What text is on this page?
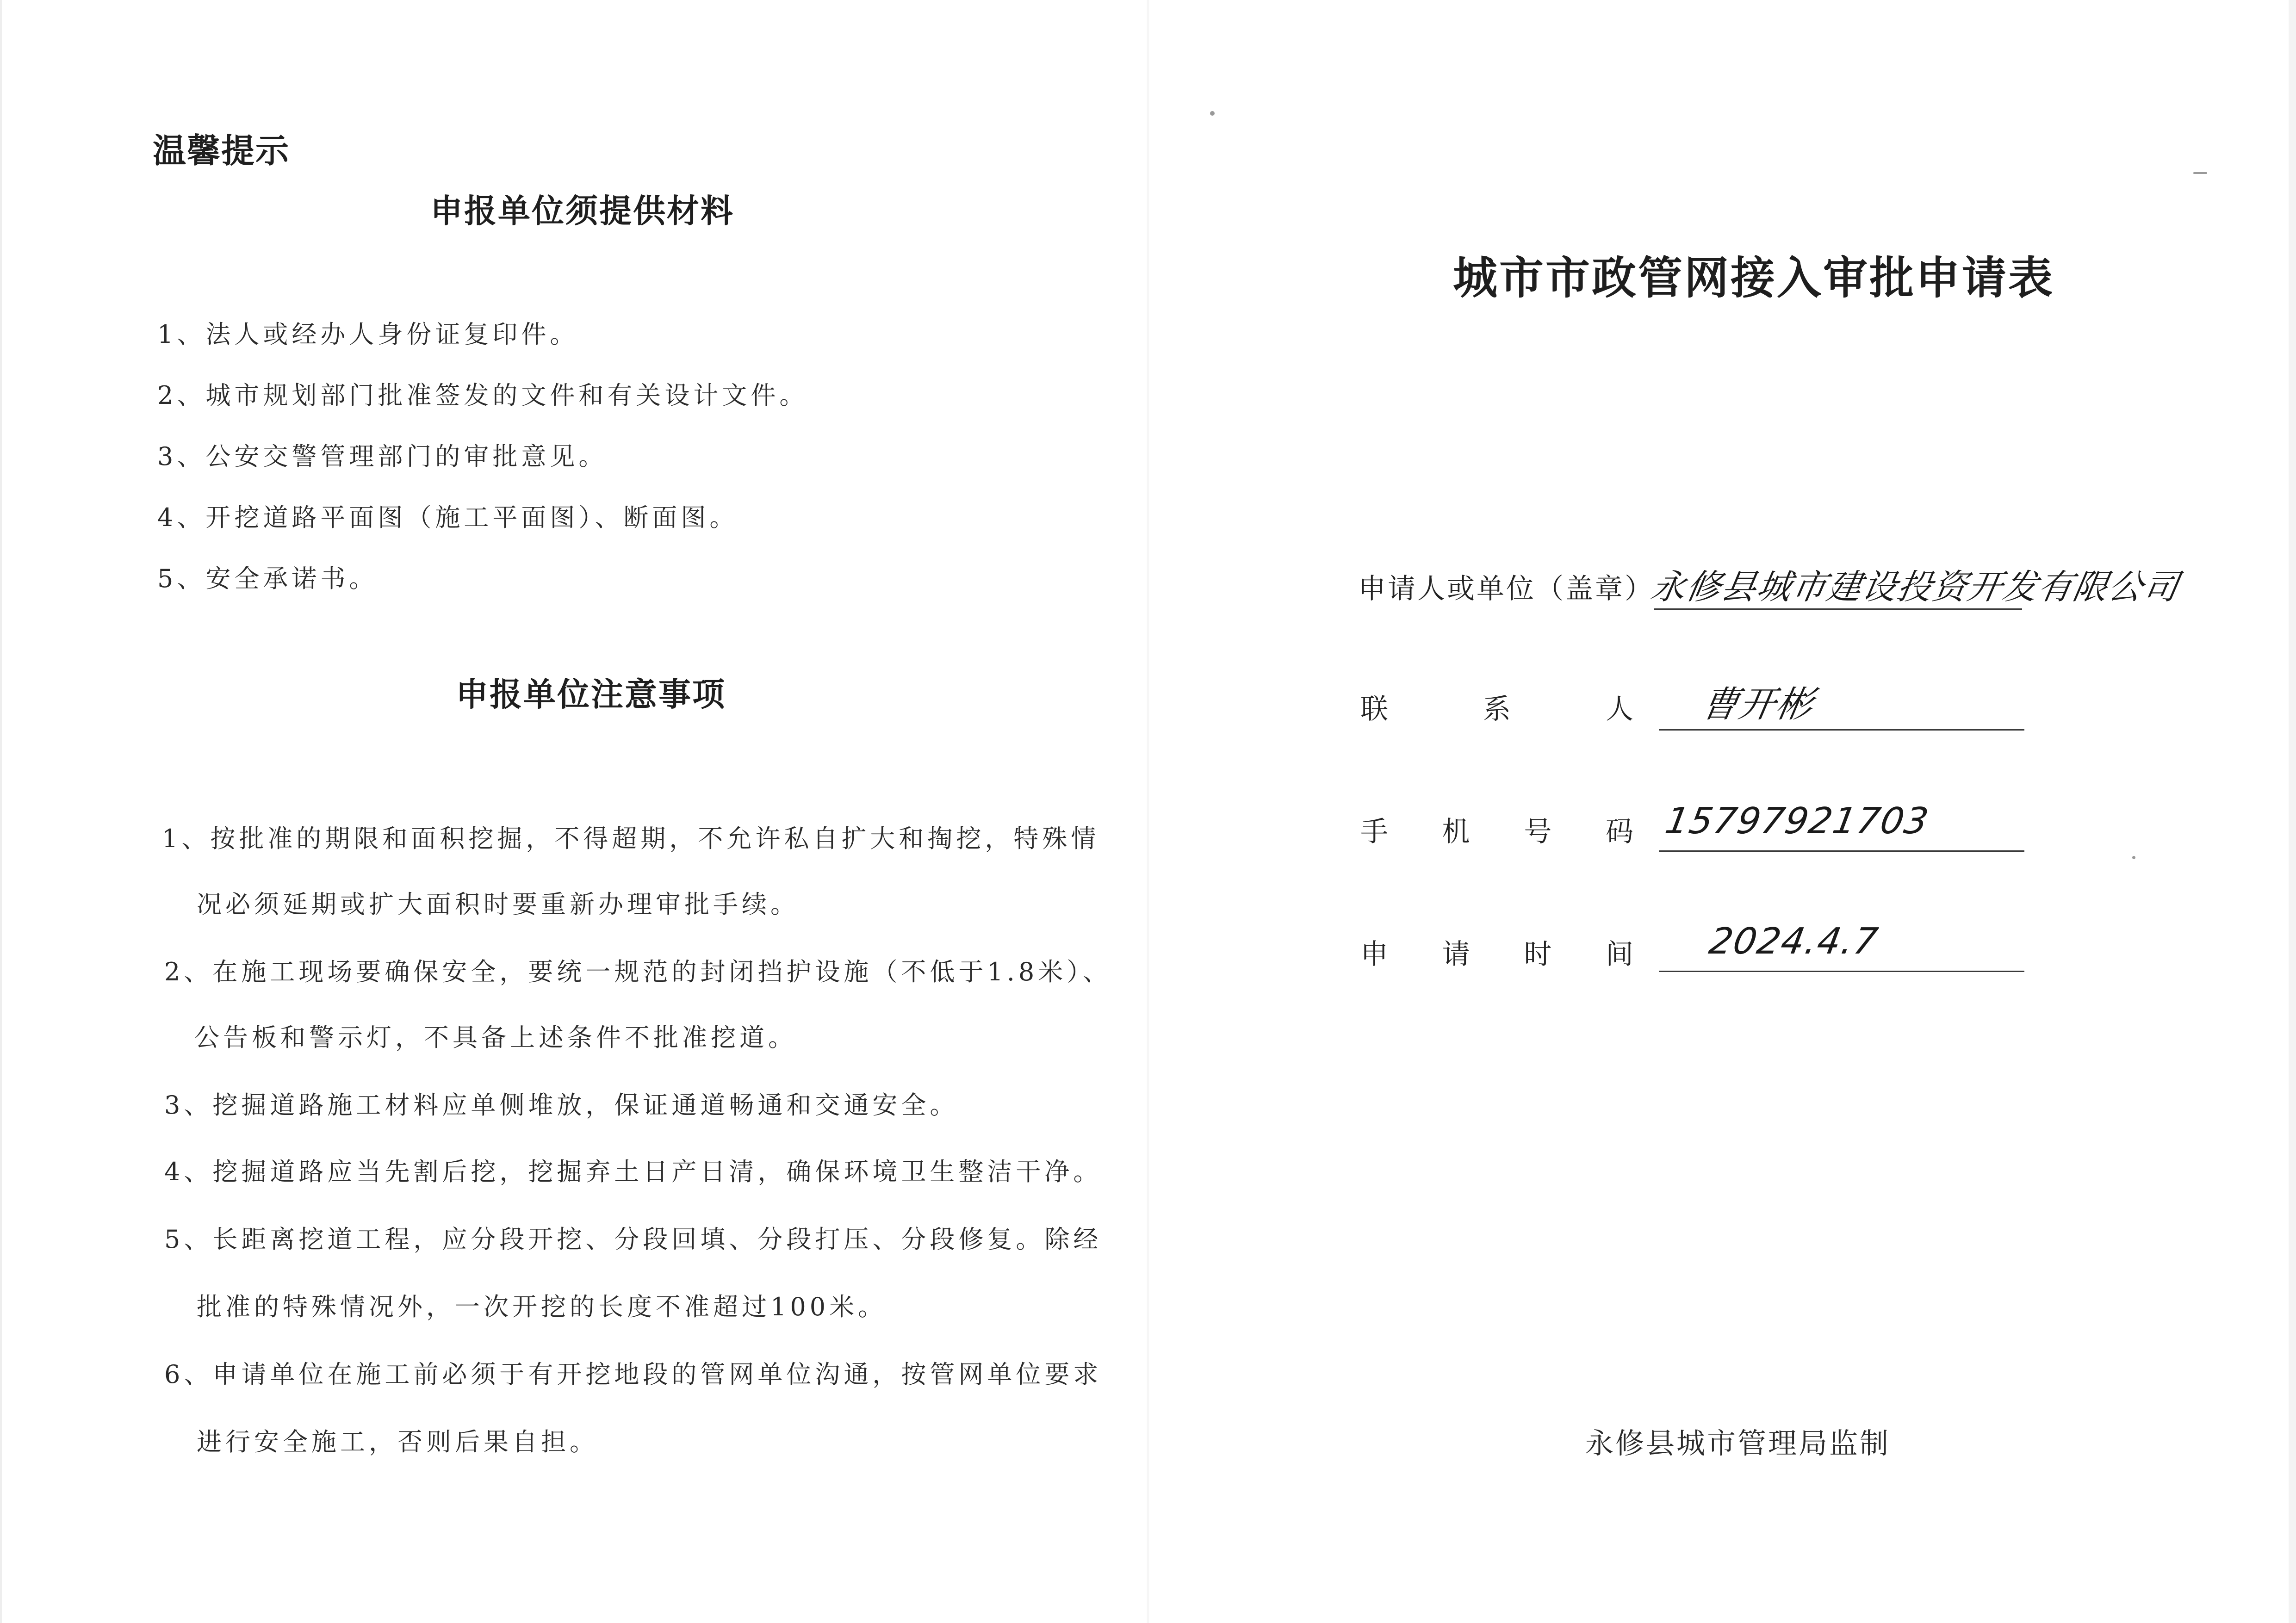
温馨提示
申报单位须提供材料
1、法人或经办人身份证复印件。
2、城市规划部门批准签发的文件和有关设计文件。
3、公安交警管理部门的审批意见。
4、开挖道路平面图（施工平面图）、断面图。
5、安全承诺书。
申报单位注意事项
1、按批准的期限和面积挖掘，不得超期，不允许私自扩大和掏挖，特殊情
况必须延期或扩大面积时要重新办理审批手续。
2、在施工现场要确保安全，要统一规范的封闭挡护设施（不低于1.8米）、
公告板和警示灯，不具备上述条件不批准挖道。
3、挖掘道路施工材料应单侧堆放，保证通道畅通和交通安全。
4、挖掘道路应当先割后挖，挖掘弃土日产日清，确保环境卫生整洁干净。
5、长距离挖道工程，应分段开挖、分段回填、分段打压、分段修复。除经
批准的特殊情况外，一次开挖的长度不准超过100米。
6、申请单位在施工前必须于有开挖地段的管网单位沟通，按管网单位要求
进行安全施工，否则后果自担。
城市市政管网接入审批申请表
申请人或单位（盖章）
永修县城市建设投资开发有限公司
联	系	人 曹开彬
手 机 号 码 15797921703
申 请 时 间 2024.4.7
永修县城市管理局监制
